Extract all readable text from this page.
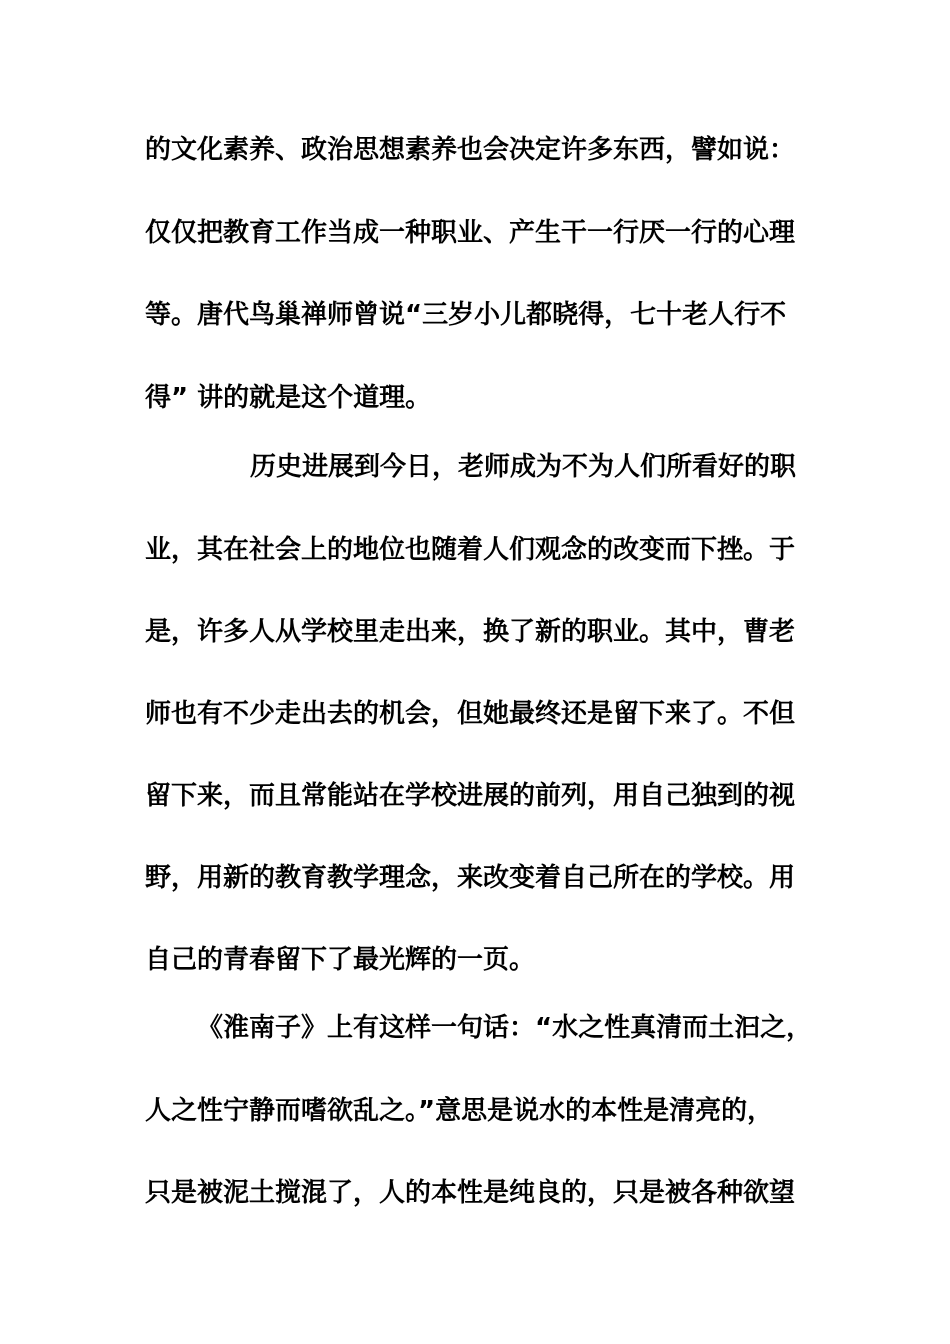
的文化素养、政治思想素养也会决定许多东西，譬如说：
仅仅把教育工作当成一种职业、产生干一行厌一行的心理
等。唐代鸟巢禅师曾说“三岁小儿都晓得，七十老人行不
得” 讲的就是这个道理。
历史进展到今日，老师成为不为人们所看好的职
业，其在社会上的地位也随着人们观念的改变而下挫。于
是，许多人从学校里走出来，换了新的职业。其中，曹老
师也有不少走出去的机会，但她最终还是留下来了。不但
留下来，而且常能站在学校进展的前列，用自己独到的视
野，用新的教育教学理念，来改变着自己所在的学校。用
自己的青春留下了最光辉的一页。
《淮南子》上有这样一句话：“水之性真清而土汩之，
人之性宁静而嗜欲乱之。”意思是说水的本性是清亮的，
只是被泥土搅混了，人的本性是纯良的，只是被各种欲望
